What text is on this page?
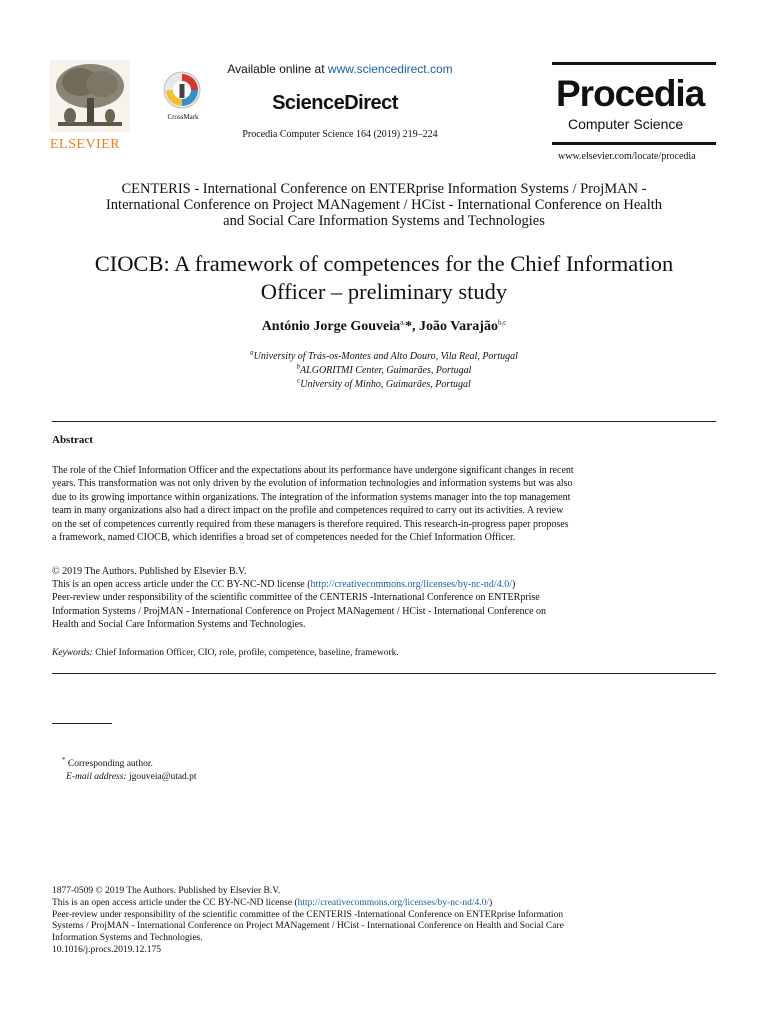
ELSEVIER
CrossMark
Available online at www.sciencedirect.com
ScienceDirect
Procedia Computer Science 164 (2019) 219–224
Procedia
Computer Science
www.elsevier.com/locate/procedia
CENTERIS - International Conference on ENTERprise Information Systems / ProjMAN -
International Conference on Project MANagement / HCist - International Conference on Health
and Social Care Information Systems and Technologies
CIOCB: A framework of competences for the Chief Information
Officer – preliminary study
António Jorge Gouveia$^{a,}$*, João Varajão$^{b,c}$
$^a$University of Trás-os-Montes and Alto Douro, Vila Real, Portugal
$^b$ALGORITMI Center, Guimarães, Portugal
$^c$University of Minho, Guimarães, Portugal
Abstract
The role of the Chief Information Officer and the expectations about its performance have undergone significant changes in recent
years. This transformation was not only driven by the evolution of information technologies and information systems but was also
due to its growing importance within organizations. The integration of the information systems manager into the top management
team in many organizations also had a direct impact on the profile and competences required to carry out its activities. A review
on the set of competences currently required from these managers is therefore required. This research-in-progress paper proposes
a framework, named CIOCB, which identifies a broad set of competences needed for the Chief Information Officer.
© 2019 The Authors. Published by Elsevier B.V.
This is an open access article under the CC BY-NC-ND license (http://creativecommons.org/licenses/by-nc-nd/4.0/)
Peer-review under responsibility of the scientific committee of the CENTERIS -International Conference on ENTERprise
Information Systems / ProjMAN - International Conference on Project MANagement / HCist - International Conference on
Health and Social Care Information Systems and Technologies.
Keywords: Chief Information Officer, CIO, role, profile, competence, baseline, framework.
* Corresponding author.
E-mail address: jgouveia@utad.pt
1877-0509 © 2019 The Authors. Published by Elsevier B.V.
This is an open access article under the CC BY-NC-ND license (http://creativecommons.org/licenses/by-nc-nd/4.0/)
Peer-review under responsibility of the scientific committee of the CENTERIS -International Conference on ENTERprise Information
Systems / ProjMAN - International Conference on Project MANagement / HCist - International Conference on Health and Social Care
Information Systems and Technologies.
10.1016/j.procs.2019.12.175
